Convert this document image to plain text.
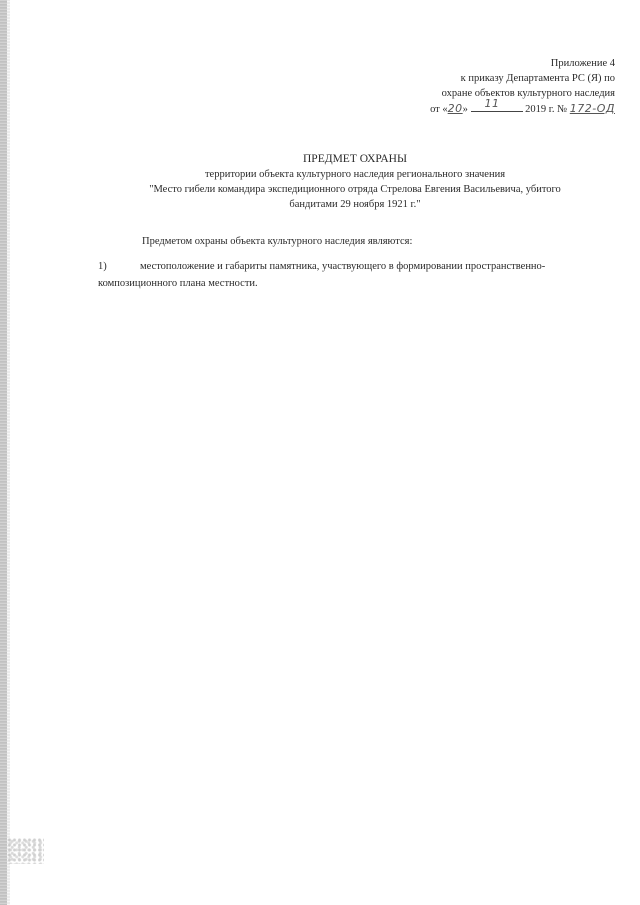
Приложение 4
к приказу Департамента РС (Я) по
охране объектов культурного наследия
от «20» 11 2019 г. № 172-ОД
ПРЕДМЕТ ОХРАНЫ
территории объекта культурного наследия регионального значения
"Место гибели командира экспедиционного отряда Стрелова Евгения Васильевича, убитого
бандитами 29 ноября 1921 г."
Предметом охраны объекта культурного наследия являются:
1)	местоположение и габариты памятника, участвующего в формировании пространственно-
композиционного плана местности.
